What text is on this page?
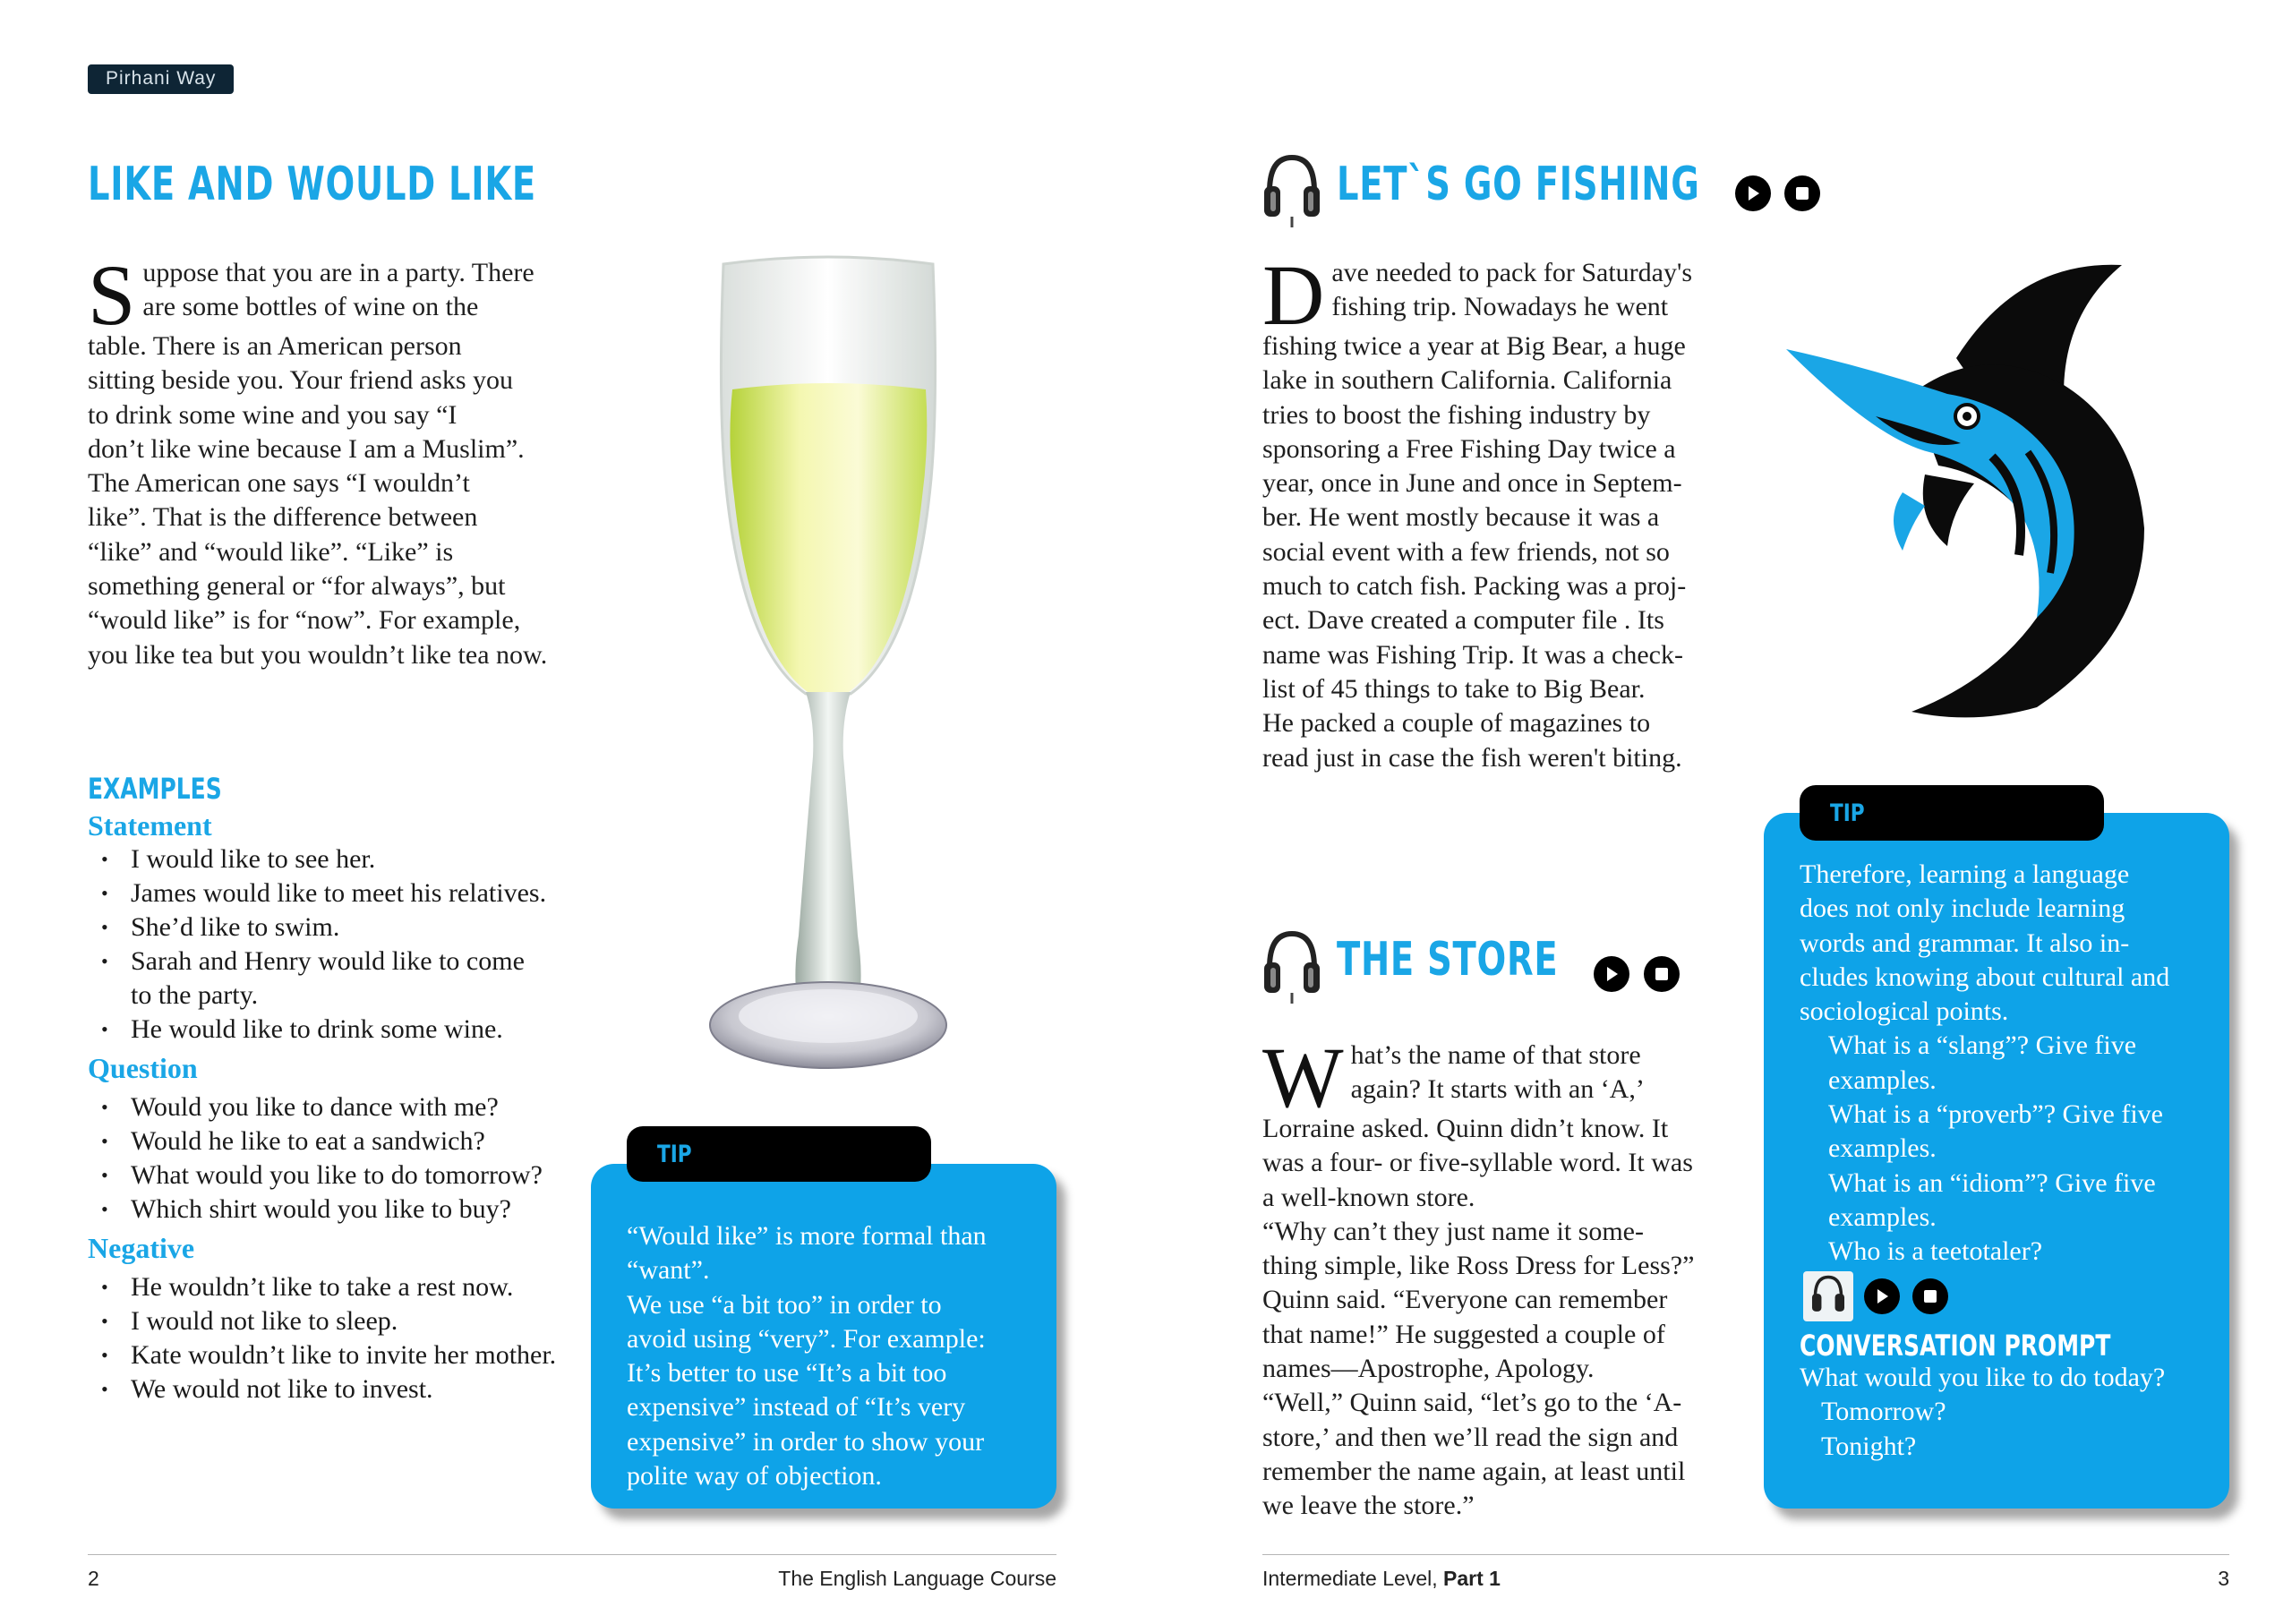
Pirhani Way
LIKE AND WOULD LIKE
S uppose that you are in a party. There

are some bottles of wine on the

table. There is an American person

sitting beside you. Your friend asks you

to drink some wine and you say “I

don’t like wine because I am a Muslim”.

The American one says “I wouldn’t

like”. That is the difference between

“like” and “would like”. “Like” is

something general or “for always”, but

“would like” is for “now”. For example,

you like tea but you wouldn’t like tea now.

EXAMPLES
Statement
• I would like to see her.
• James would like to meet his relatives.
• She’d like to swim.
• Sarah and Henry would like to come to the party.
• He would like to drink some wine.
Question
• Would you like to dance with me?
• Would he like to eat a sandwich?
• What would you like to do tomorrow?
• Which shirt would you like to buy?
Negative
• He wouldn’t like to take a rest now.
• I would not like to sleep.
• Kate wouldn’t like to invite her mother.
• We would not like to invest.
“Would like” is more formal than
“want”.
We use “a bit too” in order to
avoid using “very”. For example:
It’s better to use “It’s a bit too
expensive” instead of “It’s very
expensive” in order to show your
polite way of objection.
TIP
LET`S GO FISHING
D ave needed to pack for Saturday's

fishing trip. Nowadays he went

fishing twice a year at Big Bear, a huge

lake in southern California. California

tries to boost the fishing industry by

sponsoring a Free Fishing Day twice a

year, once in June and once in Septem-

ber. He went mostly because it was a

social event with a few friends, not so

much to catch fish. Packing was a proj-

ect. Dave created a computer file . Its

name was Fishing Trip. It was a check-

list of 45 things to take to Big Bear.

He packed a couple of magazines to

read just in case the fish weren't biting.

THE STORE
W hat’s the name of that store

again? It starts with an ‘A,’

Lorraine asked. Quinn didn’t know. It

was a four- or five-syllable word. It was

a well-known store.

“Why can’t they just name it some-

thing simple, like Ross Dress for Less?”

Quinn said. “Everyone can remember

that name!” He suggested a couple of

names—Apostrophe, Apology.

“Well,” Quinn said, “let’s go to the ‘A-

store,’ and then we’ll read the sign and

remember the name again, at least until

we leave the store.”

Therefore, learning a language
does not only include learning
words and grammar. It also in-
cludes knowing about cultural and
sociological points.
What is a “slang”? Give five
examples.
What is a “proverb”? Give five
examples.
What is an “idiom”? Give five
examples.
Who is a teetotaler?
CONVERSATION PROMPT
What would you like to do today?
Tomorrow?
Tonight?
TIP
2	The English Language Course	Intermediate Level, Part 1	3
